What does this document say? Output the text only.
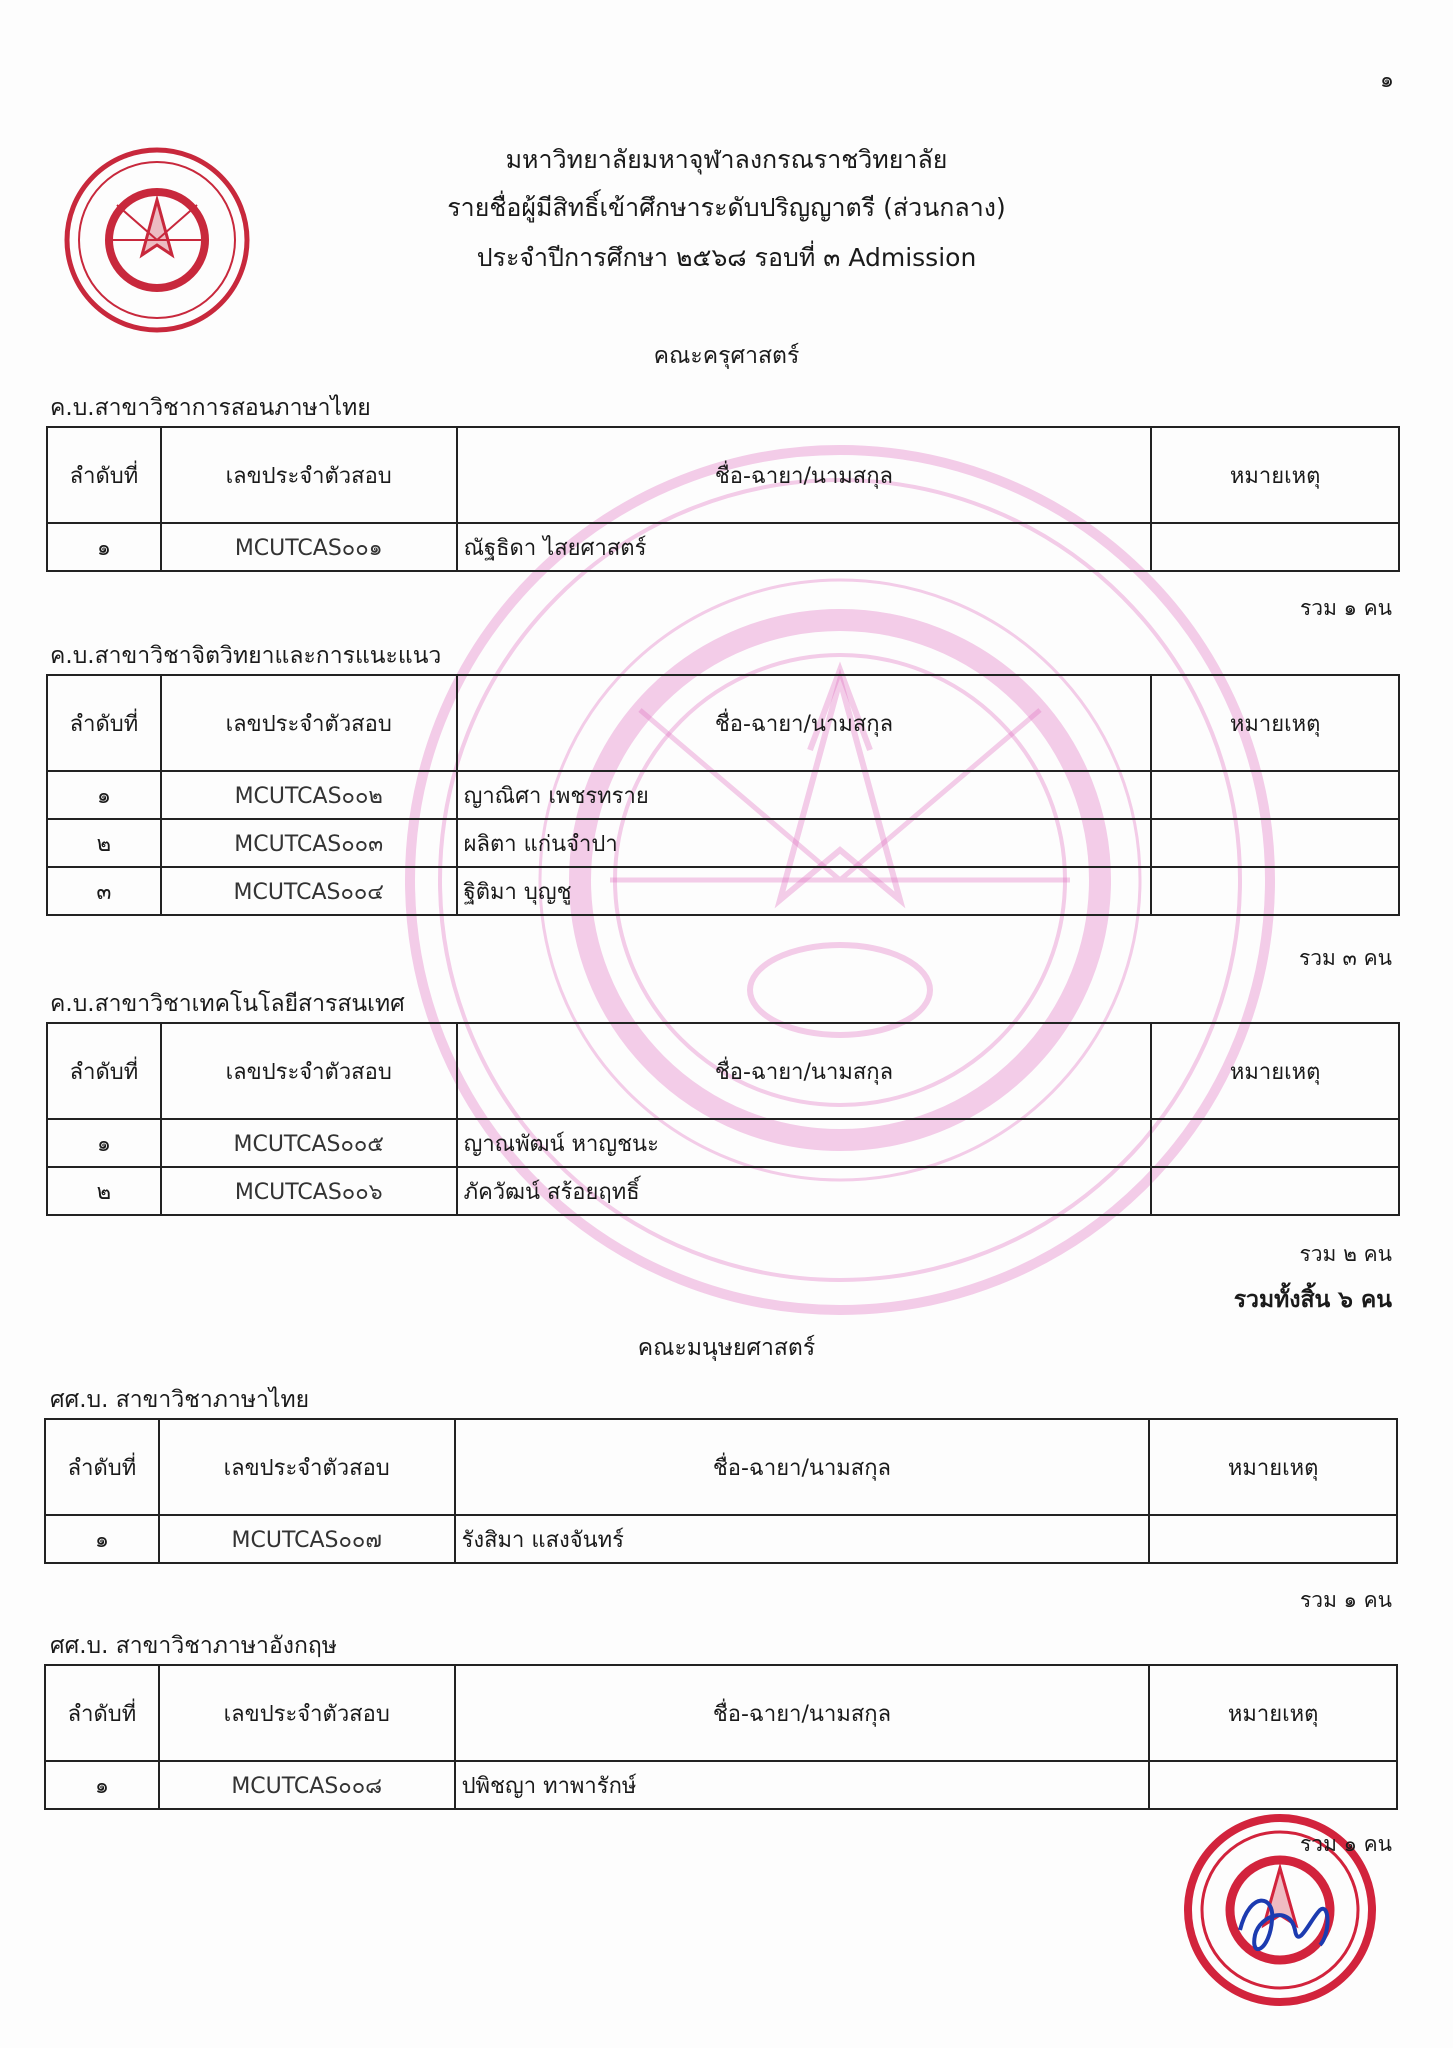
๑
มหาวิทยาลัยมหาจุฬาลงกรณราชวิทยาลัย
รายชื่อผู้มีสิทธิ์เข้าศึกษาระดับปริญญาตรี (ส่วนกลาง)
ประจำปีการศึกษา ๒๕๖๘ รอบที่ ๓ Admission
คณะครุศาสตร์
ค.บ.สาขาวิชาการสอนภาษาไทย
ลำดับที่	เลขประจำตัวสอบ	ชื่อ-ฉายา/นามสกุล	หมายเหตุ
๑	MCUTCAS๐๐๑	ณัฐธิดา ไสยศาสตร์	
รวม ๑ คน
ค.บ.สาขาวิชาจิตวิทยาและการแนะแนว
ลำดับที่	เลขประจำตัวสอบ	ชื่อ-ฉายา/นามสกุล	หมายเหตุ
๑	MCUTCAS๐๐๒	ญาณิศา เพชรทราย	
๒	MCUTCAS๐๐๓	ผลิตา แก่นจำปา	
๓	MCUTCAS๐๐๔	ฐิติมา บุญชู	
รวม ๓ คน
ค.บ.สาขาวิชาเทคโนโลยีสารสนเทศ
ลำดับที่	เลขประจำตัวสอบ	ชื่อ-ฉายา/นามสกุล	หมายเหตุ
๑	MCUTCAS๐๐๕	ญาณพัฒน์ หาญชนะ	
๒	MCUTCAS๐๐๖	ภัควัฒน์ สร้อยฤทธิ์	
รวม ๒ คน
รวมทั้งสิ้น ๖ คน
คณะมนุษยศาสตร์
ศศ.บ. สาขาวิชาภาษาไทย
ลำดับที่	เลขประจำตัวสอบ	ชื่อ-ฉายา/นามสกุล	หมายเหตุ
๑	MCUTCAS๐๐๗	รังสิมา แสงจันทร์	
รวม ๑ คน
ศศ.บ. สาขาวิชาภาษาอังกฤษ
ลำดับที่	เลขประจำตัวสอบ	ชื่อ-ฉายา/นามสกุล	หมายเหตุ
๑	MCUTCAS๐๐๘	ปพิชญา ทาพารักษ์	
รวม ๑ คน
